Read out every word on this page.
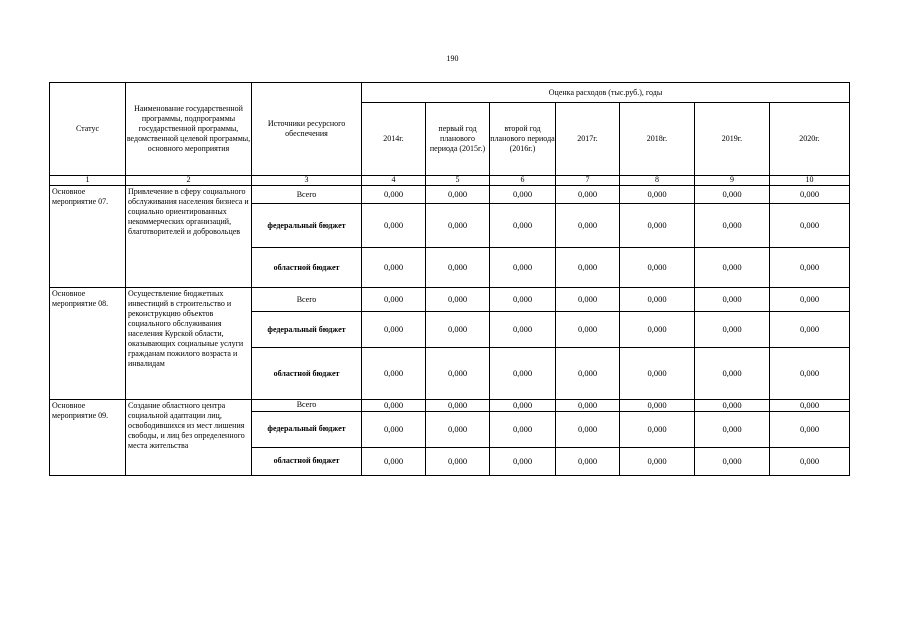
190
Статус	Наименование государственной программы, подпрограммы государственной программы, ведомственной целевой программы, основного мероприятия	Источники ресурсного обеспечения	Оценка расходов (тыс.руб.), годы						
			2014г.	первый год планового периода (2015г.)	второй год планового периода (2016г.)	2017г.	2018г.	2019г.	2020г.
1	2	3	4	5	6	7	8	9	10
Основное мероприятие 07.	Привлечение в сферу социального обслуживания населения бизнеса и социально ориентированных некоммерческих организаций, благотворителей и добровольцев	Всего	0,000	0,000	0,000	0,000	0,000	0,000	0,000
		федеральный бюджет	0,000	0,000	0,000	0,000	0,000	0,000	0,000
		областной бюджет	0,000	0,000	0,000	0,000	0,000	0,000	0,000
Основное мероприятие 08.	Осуществление бюджетных инвестиций в строительство и реконструкцию объектов социального обслуживания населения Курской области, оказывающих социальные услуги гражданам пожилого возраста и инвалидам	Всего	0,000	0,000	0,000	0,000	0,000	0,000	0,000
		федеральный бюджет	0,000	0,000	0,000	0,000	0,000	0,000	0,000
		областной бюджет	0,000	0,000	0,000	0,000	0,000	0,000	0,000
Основное мероприятие 09.	Создание областного центра социальной адаптации лиц, освободившихся из мест лишения свободы, и лиц без определенного места жительства	Всего	0,000	0,000	0,000	0,000	0,000	0,000	0,000
		федеральный бюджет	0,000	0,000	0,000	0,000	0,000	0,000	0,000
		областной бюджет	0,000	0,000	0,000	0,000	0,000	0,000	0,000
